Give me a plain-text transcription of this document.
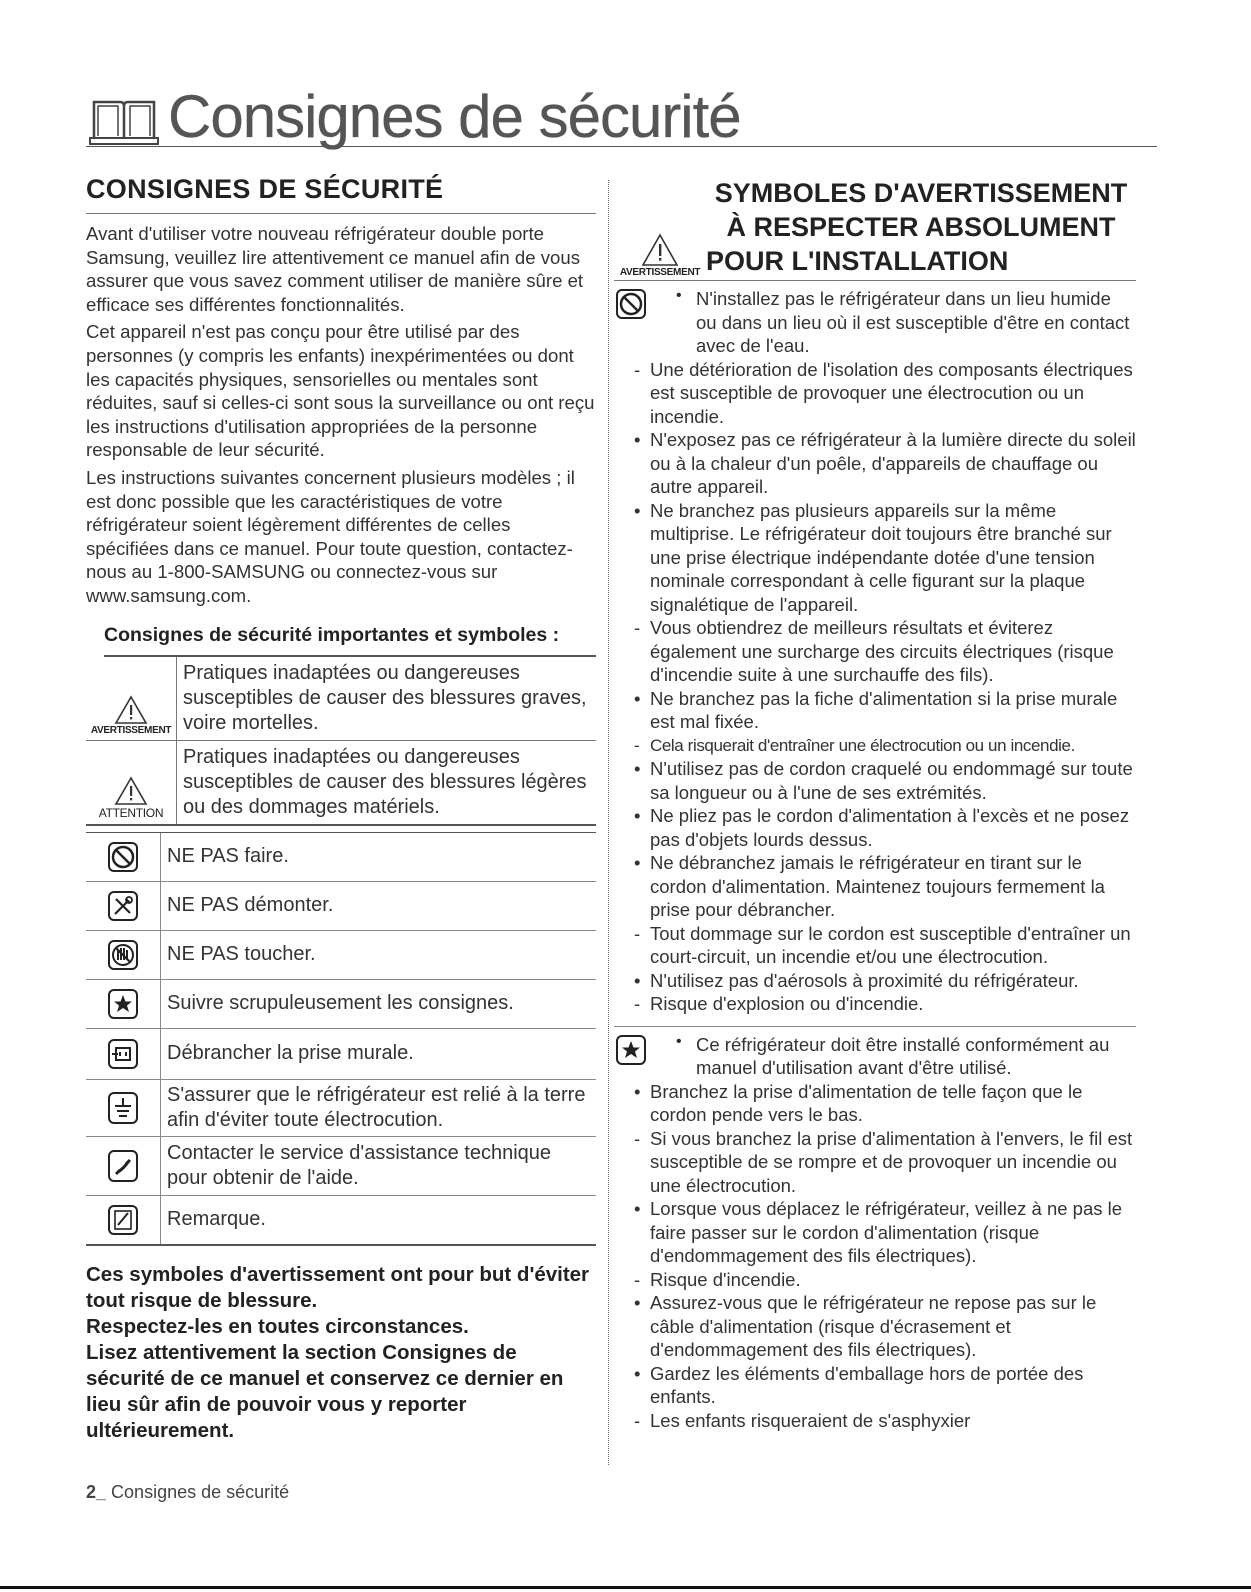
Consignes de sécurité
CONSIGNES DE SÉCURITÉ

Avant d'utiliser votre nouveau réfrigérateur double porte Samsung, veuillez lire attentivement ce manuel afin de vous assurer que vous savez comment utiliser de manière sûre et efficace ses différentes fonctionnalités.

Cet appareil n'est pas conçu pour être utilisé par des personnes (y compris les enfants) inexpérimentées ou dont les capacités physiques, sensorielles ou mentales sont réduites, sauf si celles-ci sont sous la surveillance ou ont reçu les instructions d'utilisation appropriées de la personne responsable de leur sécurité.

Les instructions suivantes concernent plusieurs modèles ; il est donc possible que les caractéristiques de votre réfrigérateur soient légèrement différentes de celles spécifiées dans ce manuel. Pour toute question, contactez-nous au 1-800-SAMSUNG ou connectez-vous sur www.samsung.com.

Consignes de sécurité importantes et symboles :
AVERTISSEMENT
Pratiques inadaptées ou dangereuses susceptibles de causer des blessures graves, voire mortelles.
ATTENTION
Pratiques inadaptées ou dangereuses susceptibles de causer des blessures légères ou des dommages matériels.
NE PAS faire.
NE PAS démonter.
NE PAS toucher.
Suivre scrupuleusement les consignes.
Débrancher la prise murale.
S'assurer que le réfrigérateur est relié à la terre afin d'éviter toute électrocution.
Contacter le service d'assistance technique pour obtenir de l'aide.
Remarque.
Ces symboles d'avertissement ont pour but d'éviter tout risque de blessure.
Respectez-les en toutes circonstances.
Lisez attentivement la section Consignes de sécurité de ce manuel et conservez ce dernier en lieu sûr afin de pouvoir vous y reporter ultérieurement.
AVERTISSEMENT
SYMBOLES D'AVERTISSEMENT
À RESPECTER ABSOLUMENT
POUR L'INSTALLATION
• N'installez pas le réfrigérateur dans un lieu humide ou dans un lieu où il est susceptible d'être en contact avec de l'eau.
- Une détérioration de l'isolation des composants électriques est susceptible de provoquer une électrocution ou un incendie.
• N'exposez pas ce réfrigérateur à la lumière directe du soleil ou à la chaleur d'un poêle, d'appareils de chauffage ou autre appareil.
• Ne branchez pas plusieurs appareils sur la même multiprise. Le réfrigérateur doit toujours être branché sur une prise électrique indépendante dotée d'une tension nominale correspondant à celle figurant sur la plaque signalétique de l'appareil.
- Vous obtiendrez de meilleurs résultats et éviterez également une surcharge des circuits électriques (risque d'incendie suite à une surchauffe des fils).
• Ne branchez pas la fiche d'alimentation si la prise murale est mal fixée.
- Cela risquerait d'entraîner une électrocution ou un incendie.
• N'utilisez pas de cordon craquelé ou endommagé sur toute sa longueur ou à l'une de ses extrémités.
• Ne pliez pas le cordon d'alimentation à l'excès et ne posez pas d'objets lourds dessus.
• Ne débranchez jamais le réfrigérateur en tirant sur le cordon d'alimentation. Maintenez toujours fermement la prise pour débrancher.
- Tout dommage sur le cordon est susceptible d'entraîner un court-circuit, un incendie et/ou une électrocution.
• N'utilisez pas d'aérosols à proximité du réfrigérateur.
- Risque d'explosion ou d'incendie.
• Ce réfrigérateur doit être installé conformément au manuel d'utilisation avant d'être utilisé.
• Branchez la prise d'alimentation de telle façon que le cordon pende vers le bas.
- Si vous branchez la prise d'alimentation à l'envers, le fil est susceptible de se rompre et de provoquer un incendie ou une électrocution.
• Lorsque vous déplacez le réfrigérateur, veillez à ne pas le faire passer sur le cordon d'alimentation (risque d'endommagement des fils électriques).
- Risque d'incendie.
• Assurez-vous que le réfrigérateur ne repose pas sur le câble d'alimentation (risque d'écrasement et d'endommagement des fils électriques).
• Gardez les éléments d'emballage hors de portée des enfants.
- Les enfants risqueraient de s'asphyxier
2_ Consignes de sécurité
